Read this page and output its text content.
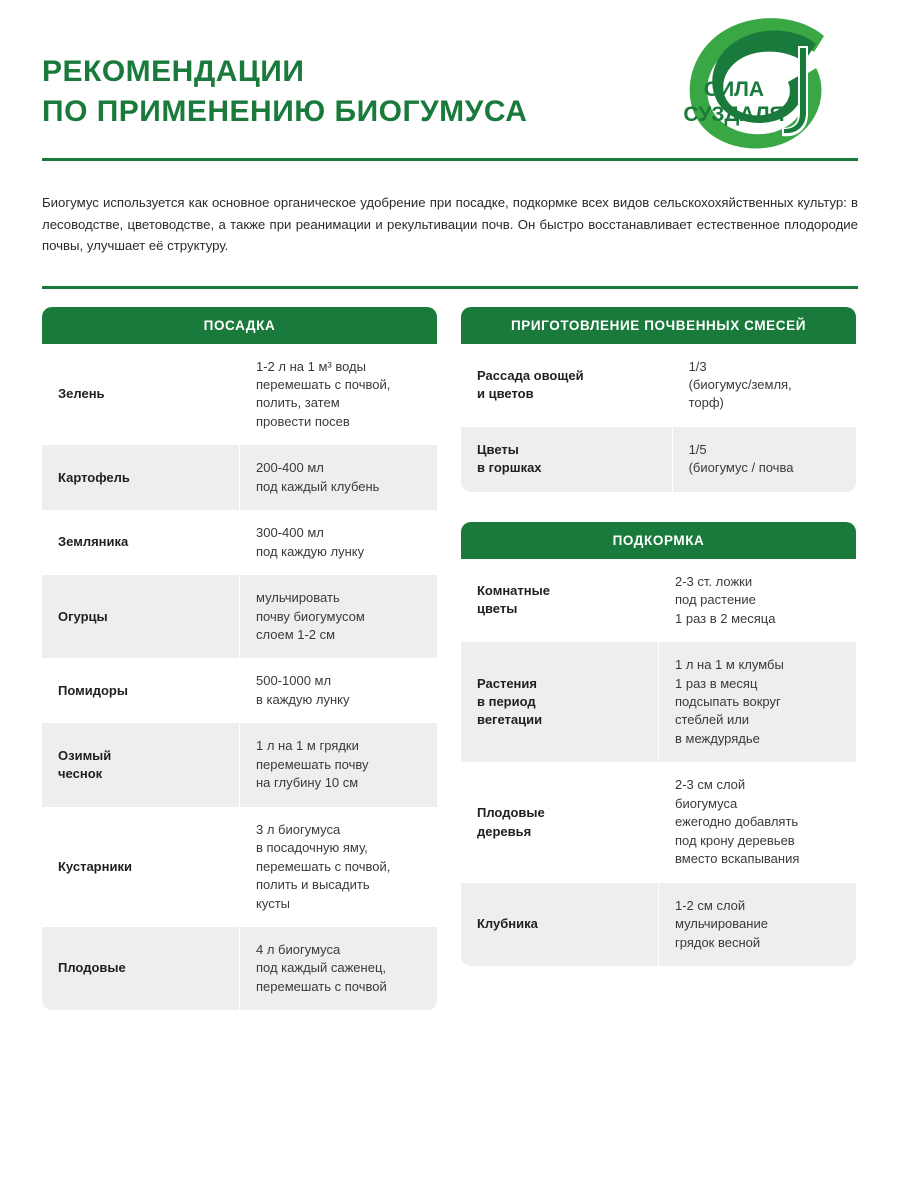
РЕКОМЕНДАЦИИ
ПО ПРИМЕНЕНИЮ БИОГУМУСА
СИЛА
СУЗДАЛЯ

Биогумус используется как основное органическое удобрение при посадке, подкормке всех видов сельскохохяйственных культур: в лесоводстве, цветоводстве, а также при реанимации и рекультивации почв. Он быстро восстанавливает естественное плодородие почвы, улучшает её структуру.

ПОСАДКА
Зелень	1-2 л на 1 м³ воды
перемешать с почвой,
полить, затем
провести посев
Картофель	200-400 мл
под каждый клубень
Земляника	300-400 мл
под каждую лунку
Огурцы	мульчировать
почву биогумусом
слоем 1-2 см
Помидоры	500-1000 мл
в каждую лунку
Озимый
чеснок	1 л на 1 м грядки
перемешать почву
на глубину 10 см
Кустарники	3 л биогумуса
в посадочную яму,
перемешать с почвой,
полить и высадить
кусты
Плодовые	4 л биогумуса
под каждый саженец,
перемешать с почвой
ПРИГОТОВЛЕНИЕ ПОЧВЕННЫХ СМЕСЕЙ
Рассада овощей
и цветов	1/3
(биогумус/земля,
торф)
Цветы
в горшках	1/5
(биогумус / почва
ПОДКОРМКА
Комнатные
цветы	2-3 ст. ложки
под растение
1 раз в 2 месяца
Растения
в период
вегетации	1 л на 1 м клумбы
1 раз в месяц
подсыпать вокруг
стеблей или
в междурядье
Плодовые
деревья	2-3 см слой
биогумуса
ежегодно добавлять
под крону деревьев
вместо вскапывания
Клубника	1-2 см слой
мульчирование
грядок весной
